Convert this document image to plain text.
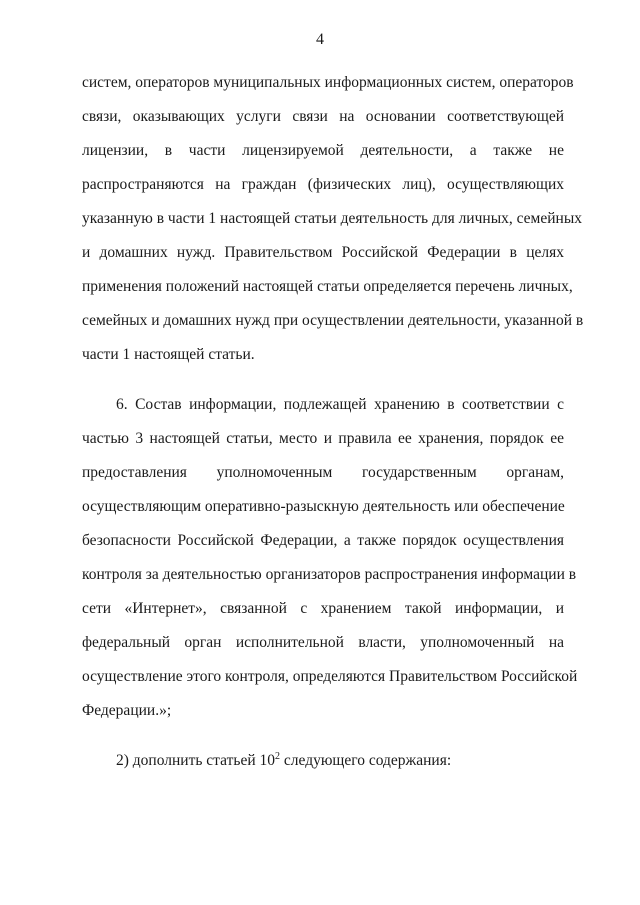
4
систем, операторов муниципальных информационных систем, операторов
связи, оказывающих услуги связи на основании соответствующей
лицензии, в части лицензируемой деятельности, а также не
распространяются на граждан (физических лиц), осуществляющих
указанную в части 1 настоящей статьи деятельность для личных, семейных
и домашних нужд. Правительством Российской Федерации в целях
применения положений настоящей статьи определяется перечень личных,
семейных и домашних нужд при осуществлении деятельности, указанной в
части 1 настоящей статьи.
6. Состав информации, подлежащей хранению в соответствии с
частью 3 настоящей статьи, место и правила ее хранения, порядок ее
предоставления уполномоченным государственным органам,
осуществляющим оперативно-разыскную деятельность или обеспечение
безопасности Российской Федерации, а также порядок осуществления
контроля за деятельностью организаторов распространения информации в
сети «Интернет», связанной с хранением такой информации, и
федеральный орган исполнительной власти, уполномоченный на
осуществление этого контроля, определяются Правительством Российской
Федерации.»;
2) дополнить статьей $10^2$ следующего содержания:
